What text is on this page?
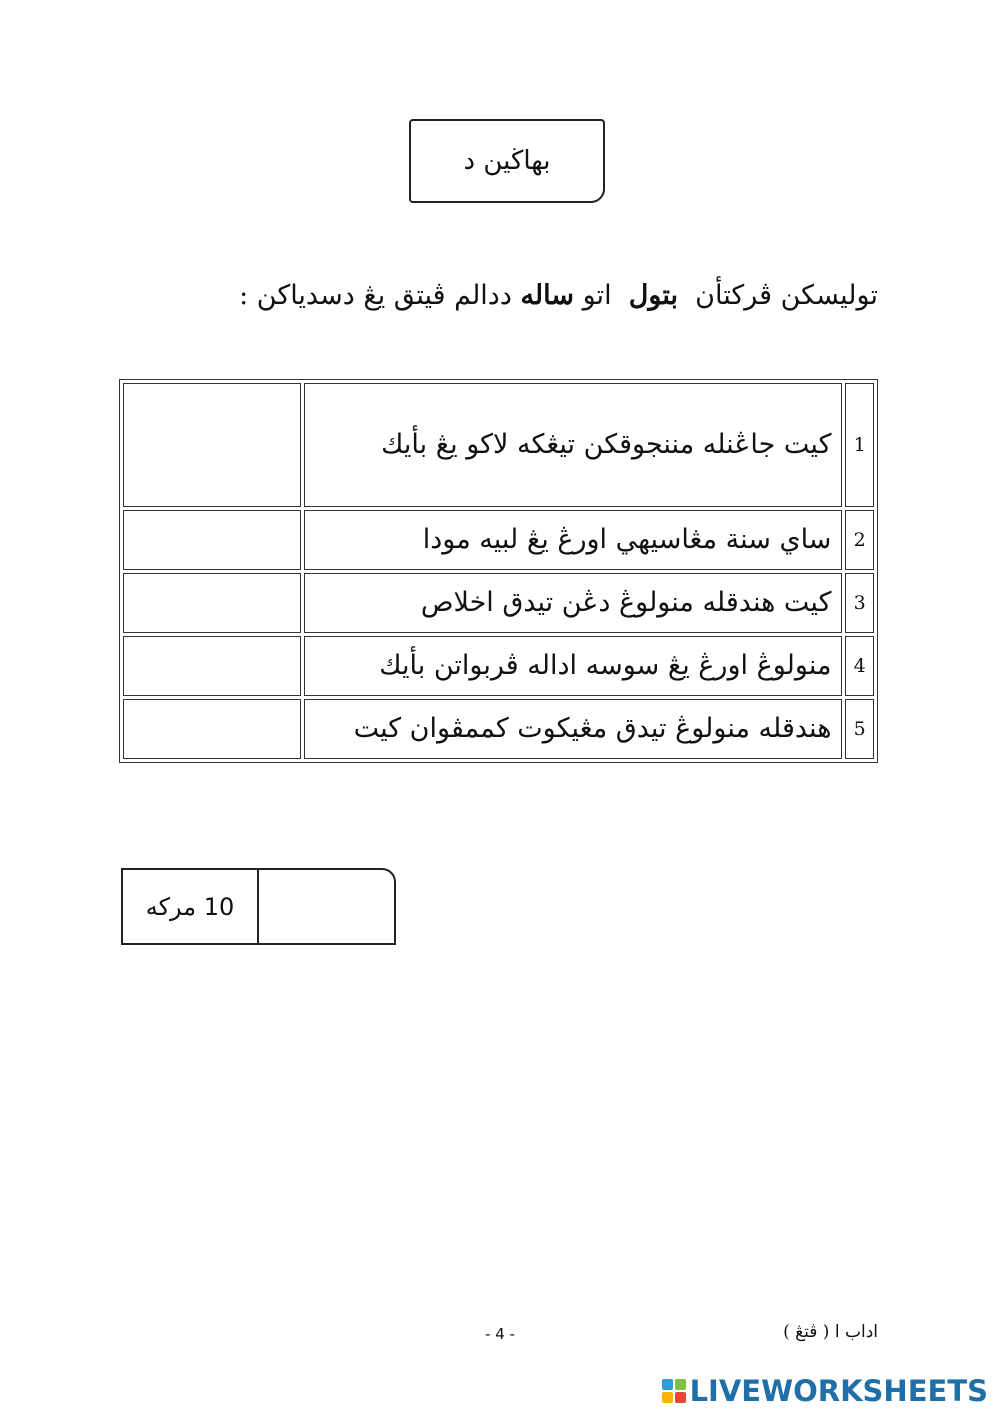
بهاڬين د
توليسکن ڤرکتأن  بتول  اتو ساله ددالم ڤيتق يڠ دسدياکن :
1	کيت جاڠنله مننجوقکن تيڠکه لاکو يڠ بأيك	
2	ساي سنة مڠاسيهي اورڠ يڠ لبيه مودا	
3	کيت هندقله منولوڠ دڠن تيدق اخلاص	
4	منولوڠ اورڠ يڠ سوسه اداله ڤربواتن بأيك	
5	هندقله منولوڠ تيدق مڠيکوت کممڤوان کيت	
10 مرکه
- 4 -	اداب ا ( ڤتڠ )
LIVEWORKSHEETS
